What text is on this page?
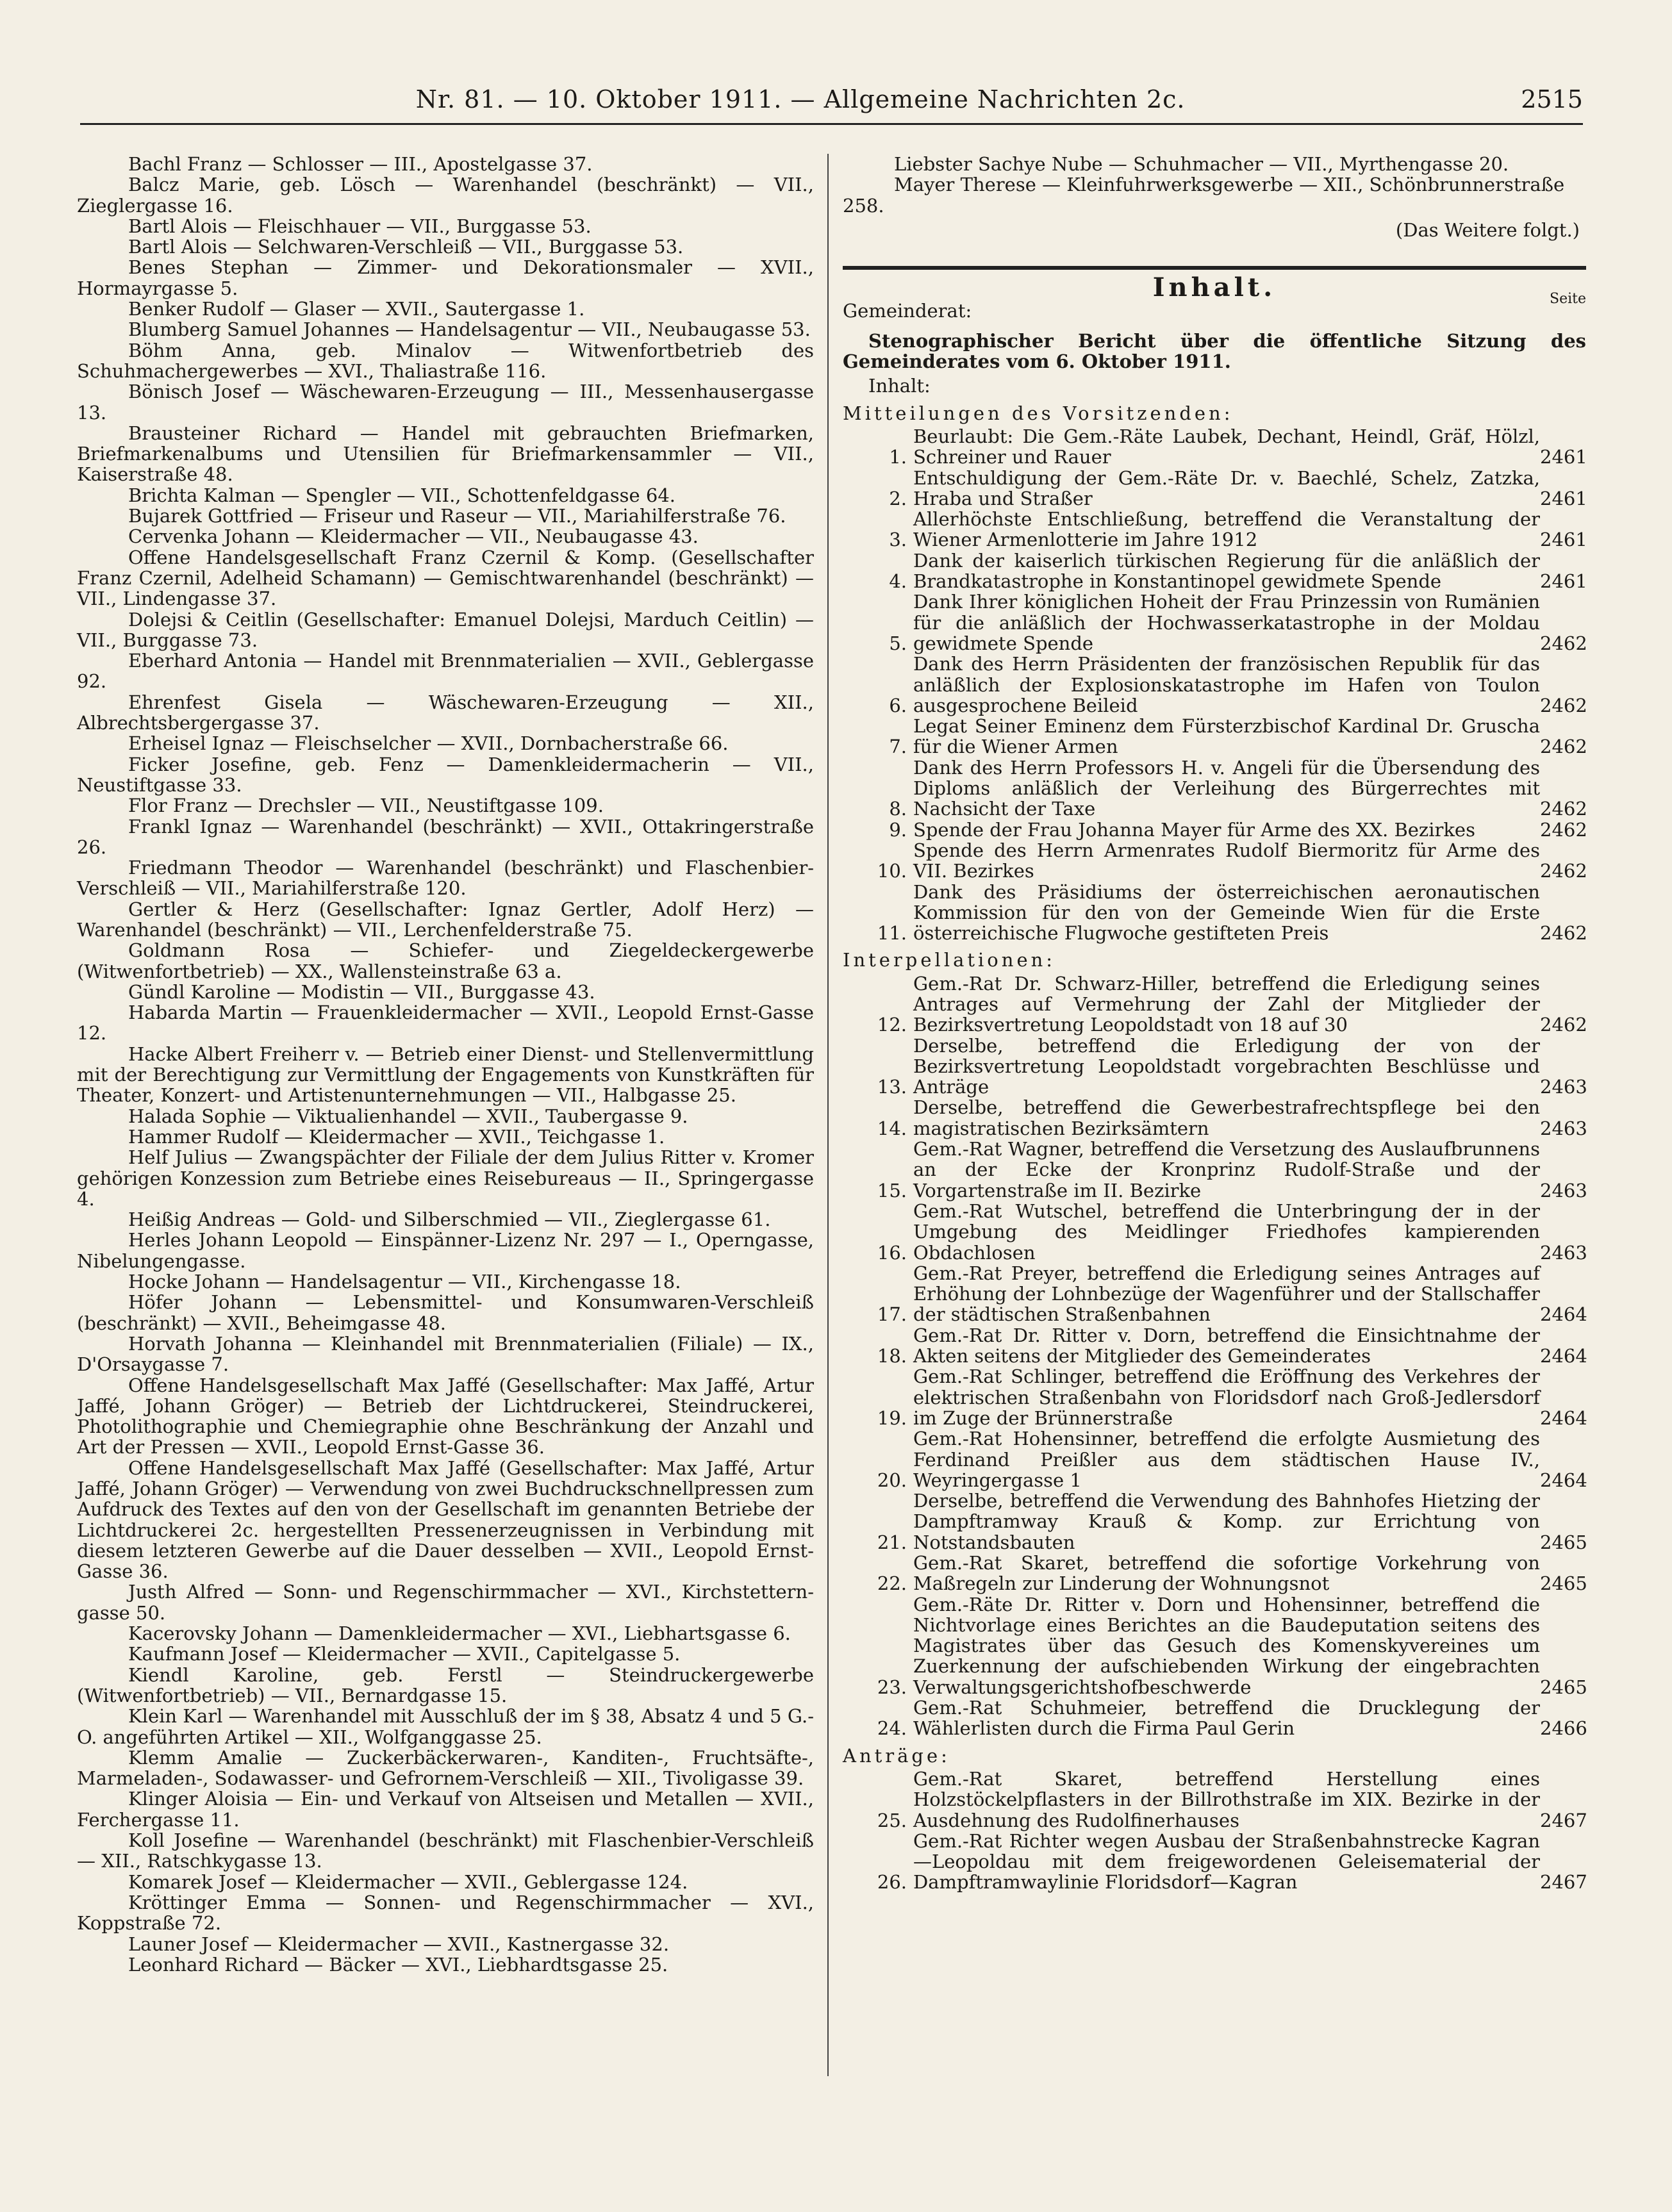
Nr. 81. — 10. Oktober 1911. — Allgemeine Nachrichten 2c.	2515

Bachl Franz — Schlosser — III., Apostelgasse 37.

Balcz Marie, geb. Lösch — Warenhandel (beschränkt) — VII., Zieglergasse 16.

Bartl Alois — Fleischhauer — VII., Burggasse 53.

Bartl Alois — Selchwaren-Verschleiß — VII., Burggasse 53.

Benes Stephan — Zimmer- und Dekorationsmaler — XVII., Hormayrgasse 5.

Benker Rudolf — Glaser — XVII., Sautergasse 1.

Blumberg Samuel Johannes — Handelsagentur — VII., Neubaugasse 53.

Böhm Anna, geb. Minalov — Witwenfortbetrieb des Schuhmachergewerbes — XVI., Thaliastraße 116.

Bönisch Josef — Wäschewaren-Erzeugung — III., Messenhausergasse 13.

Brausteiner Richard — Handel mit gebrauchten Briefmarken, Briefmarkenalbums und Utensilien für Briefmarkensammler — VII., Kaiserstraße 48.

Brichta Kalman — Spengler — VII., Schottenfeldgasse 64.

Bujarek Gottfried — Friseur und Raseur — VII., Mariahilferstraße 76.

Cervenka Johann — Kleidermacher — VII., Neubaugasse 43.

Offene Handelsgesellschaft Franz Czernil & Komp. (Gesellschafter Franz Czernil, Adelheid Schamann) — Gemischtwarenhandel (beschränkt) — VII., Lindengasse 37.

Dolejsi & Ceitlin (Gesellschafter: Emanuel Dolejsi, Marduch Ceitlin) — VII., Burggasse 73.

Eberhard Antonia — Handel mit Brennmaterialien — XVII., Geblergasse 92.

Ehrenfest Gisela — Wäschewaren-Erzeugung — XII., Albrechtsbergergasse 37.

Erheisel Ignaz — Fleischselcher — XVII., Dornbacherstraße 66.

Ficker Josefine, geb. Fenz — Damenkleidermacherin — VII., Neustiftgasse 33.

Flor Franz — Drechsler — VII., Neustiftgasse 109.

Frankl Ignaz — Warenhandel (beschränkt) — XVII., Ottakringerstraße 26.

Friedmann Theodor — Warenhandel (beschränkt) und Flaschenbier-Verschleiß — VII., Mariahilferstraße 120.

Gertler & Herz (Gesellschafter: Ignaz Gertler, Adolf Herz) — Warenhandel (beschränkt) — VII., Lerchenfelderstraße 75.

Goldmann Rosa — Schiefer- und Ziegeldeckergewerbe (Witwenfortbetrieb) — XX., Wallensteinstraße 63 a.

Gündl Karoline — Modistin — VII., Burggasse 43.

Habarda Martin — Frauenkleidermacher — XVII., Leopold Ernst-Gasse 12.

Hacke Albert Freiherr v. — Betrieb einer Dienst- und Stellenvermittlung mit der Berechtigung zur Vermittlung der Engagements von Kunstkräften für Theater, Konzert- und Artistenunternehmungen — VII., Halbgasse 25.

Halada Sophie — Viktualienhandel — XVII., Taubergasse 9.

Hammer Rudolf — Kleidermacher — XVII., Teichgasse 1.

Helf Julius — Zwangspächter der Filiale der dem Julius Ritter v. Kromer gehörigen Konzession zum Betriebe eines Reisebureaus — II., Springergasse 4.

Heißig Andreas — Gold- und Silberschmied — VII., Zieglergasse 61.

Herles Johann Leopold — Einspänner-Lizenz Nr. 297 — I., Operngasse, Nibelungengasse.

Hocke Johann — Handelsagentur — VII., Kirchengasse 18.

Höfer Johann — Lebensmittel- und Konsumwaren-Verschleiß (beschränkt) — XVII., Beheimgasse 48.

Horvath Johanna — Kleinhandel mit Brennmaterialien (Filiale) — IX., D'Orsaygasse 7.

Offene Handelsgesellschaft Max Jaffé (Gesellschafter: Max Jaffé, Artur Jaffé, Johann Gröger) — Betrieb der Lichtdruckerei, Steindruckerei, Photolithographie und Chemiegraphie ohne Beschränkung der Anzahl und Art der Pressen — XVII., Leopold Ernst-Gasse 36.

Offene Handelsgesellschaft Max Jaffé (Gesellschafter: Max Jaffé, Artur Jaffé, Johann Gröger) — Verwendung von zwei Buchdruckschnellpressen zum Aufdruck des Textes auf den von der Gesellschaft im genannten Betriebe der Lichtdruckerei 2c. hergestellten Pressenerzeugnissen in Verbindung mit diesem letzteren Gewerbe auf die Dauer desselben — XVII., Leopold Ernst-Gasse 36.

Justh Alfred — Sonn- und Regenschirmmacher — XVI., Kirchstettern-gasse 50.

Kacerovsky Johann — Damenkleidermacher — XVI., Liebhartsgasse 6.

Kaufmann Josef — Kleidermacher — XVII., Capitelgasse 5.

Kiendl Karoline, geb. Ferstl — Steindruckergewerbe (Witwenfortbetrieb) — VII., Bernardgasse 15.

Klein Karl — Warenhandel mit Ausschluß der im § 38, Absatz 4 und 5 G.-O. angeführten Artikel — XII., Wolfganggasse 25.

Klemm Amalie — Zuckerbäckerwaren-, Kanditen-, Fruchtsäfte-, Marmeladen-, Sodawasser- und Gefrornem-Verschleiß — XII., Tivoligasse 39.

Klinger Aloisia — Ein- und Verkauf von Altseisen und Metallen — XVII., Ferchergasse 11.

Koll Josefine — Warenhandel (beschränkt) mit Flaschenbier-Verschleiß — XII., Ratschkygasse 13.

Komarek Josef — Kleidermacher — XVII., Geblergasse 124.

Kröttinger Emma — Sonnen- und Regenschirmmacher — XVI., Koppstraße 72.

Launer Josef — Kleidermacher — XVII., Kastnergasse 32.

Leonhard Richard — Bäcker — XVI., Liebhardtsgasse 25.

Liebster Sachye Nube — Schuhmacher — VII., Myrthengasse 20.

Mayer Therese — Kleinfuhrwerksgewerbe — XII., Schönbrunnerstraße 258.

(Das Weitere folgt.)
Inhalt.	Seite
Gemeinderat:
Stenographischer Bericht über die öffentliche Sitzung des Gemeinderates vom 6. Oktober 1911.
Inhalt:
Mitteilungen des Vorsitzenden:
1.
Beurlaubt: Die Gem.-Räte Laubek, Dechant, Heindl, Gräf, Hölzl, Schreiner und Rauer	2461
2.
Entschuldigung der Gem.-Räte Dr. v. Baechlé, Schelz, Zatzka, Hraba und Straßer	2461
3.
Allerhöchste Entschließung, betreffend die Veranstaltung der Wiener Armenlotterie im Jahre 1912	2461
4.
Dank der kaiserlich türkischen Regierung für die anläßlich der Brandkatastrophe in Konstantinopel gewidmete Spende	2461
5.
Dank Ihrer königlichen Hoheit der Frau Prinzessin von Rumänien für die anläßlich der Hochwasserkatastrophe in der Moldau gewidmete Spende	2462
6.
Dank des Herrn Präsidenten der französischen Republik für das anläßlich der Explosionskatastrophe im Hafen von Toulon ausgesprochene Beileid	2462
7.
Legat Seiner Eminenz dem Fürsterzbischof Kardinal Dr. Gruscha für die Wiener Armen	2462
8.
Dank des Herrn Professors H. v. Angeli für die Übersendung des Diploms anläßlich der Verleihung des Bürgerrechtes mit Nachsicht der Taxe	2462
9. Spende der Frau Johanna Mayer für Arme des XX. Bezirkes	2462
10.
Spende des Herrn Armenrates Rudolf Biermoritz für Arme des VII. Bezirkes	2462
11.
Dank des Präsidiums der österreichischen aeronautischen Kommission für den von der Gemeinde Wien für die Erste österreichische Flugwoche gestifteten Preis	2462
Interpellationen:
12.
Gem.-Rat Dr. Schwarz-Hiller, betreffend die Erledigung seines Antrages auf Vermehrung der Zahl der Mitglieder der Bezirksvertretung Leopoldstadt von 18 auf 30	2462
13.
Derselbe, betreffend die Erledigung der von der Bezirksvertretung Leopoldstadt vorgebrachten Beschlüsse und Anträge	2463
14.
Derselbe, betreffend die Gewerbestrafrechtspflege bei den magistratischen Bezirksämtern	2463
15.
Gem.-Rat Wagner, betreffend die Versetzung des Auslaufbrunnens an der Ecke der Kronprinz Rudolf-Straße und der Vorgartenstraße im II. Bezirke	2463
16.
Gem.-Rat Wutschel, betreffend die Unterbringung der in der Umgebung des Meidlinger Friedhofes kampierenden Obdachlosen	2463
17.
Gem.-Rat Preyer, betreffend die Erledigung seines Antrages auf Erhöhung der Lohnbezüge der Wagenführer und der Stallschaffer der städtischen Straßenbahnen	2464
18.
Gem.-Rat Dr. Ritter v. Dorn, betreffend die Einsichtnahme der Akten seitens der Mitglieder des Gemeinderates	2464
19.
Gem.-Rat Schlinger, betreffend die Eröffnung des Verkehres der elektrischen Straßenbahn von Floridsdorf nach Groß-Jedlersdorf im Zuge der Brünnerstraße	2464
20.
Gem.-Rat Hohensinner, betreffend die erfolgte Ausmietung des Ferdinand Preißler aus dem städtischen Hause IV., Weyringergasse 1	2464
21.
Derselbe, betreffend die Verwendung des Bahnhofes Hietzing der Dampftramway Krauß & Komp. zur Errichtung von Notstandsbauten	2465
22.
Gem.-Rat Skaret, betreffend die sofortige Vorkehrung von Maßregeln zur Linderung der Wohnungsnot	2465
23.
Gem.-Räte Dr. Ritter v. Dorn und Hohensinner, betreffend die Nichtvorlage eines Berichtes an die Baudeputation seitens des Magistrates über das Gesuch des Komenskyvereines um Zuerkennung der aufschiebenden Wirkung der eingebrachten Verwaltungsgerichtshofbeschwerde	2465
24.
Gem.-Rat Schuhmeier, betreffend die Drucklegung der Wählerlisten durch die Firma Paul Gerin	2466
Anträge:
25.
Gem.-Rat Skaret, betreffend Herstellung eines Holzstöckelpflasters in der Billrothstraße im XIX. Bezirke in der Ausdehnung des Rudolfinerhauses	2467
26.
Gem.-Rat Richter wegen Ausbau der Straßenbahnstrecke Kagran—Leopoldau mit dem freigewordenen Geleisematerial der Dampftramwaylinie Floridsdorf—Kagran	2467
